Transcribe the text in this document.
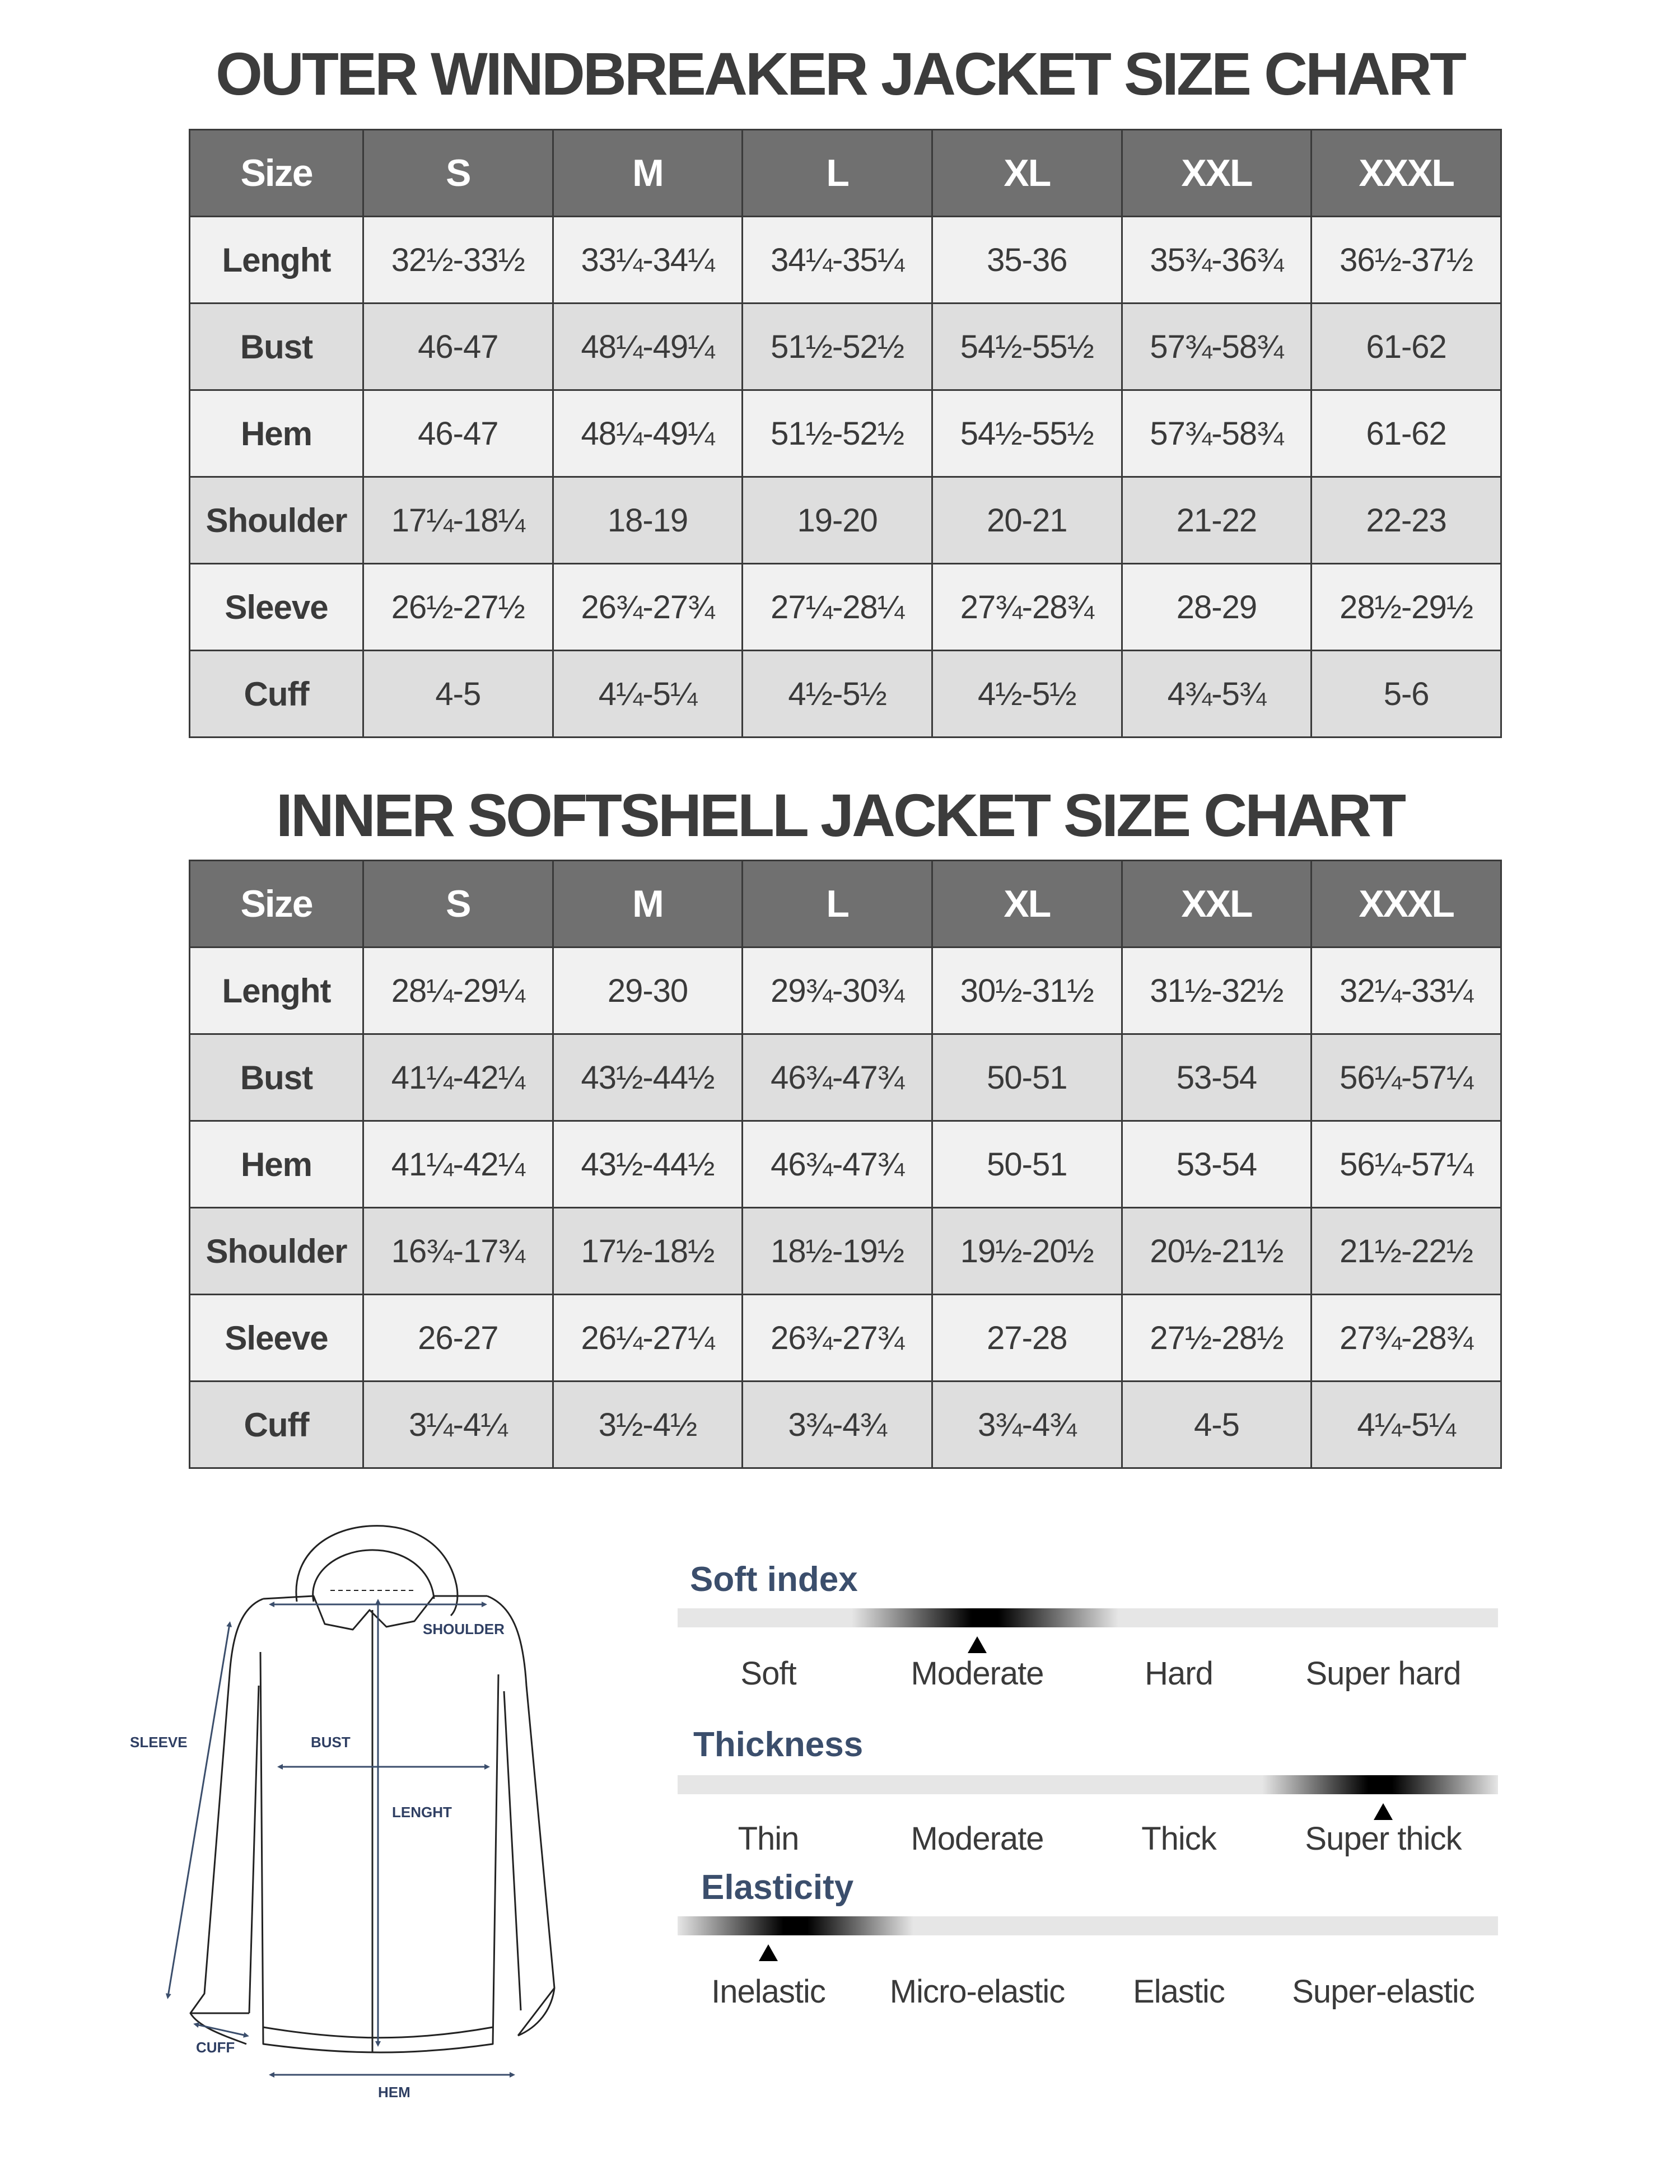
OUTER WINDBREAKER JACKET SIZE CHART
Size	S	M	L	XL	XXL	XXXL
Lenght	32½-33½	33¼-34¼	34¼-35¼	35-36	35¾-36¾	36½-37½
Bust	46-47	48¼-49¼	51½-52½	54½-55½	57¾-58¾	61-62
Hem	46-47	48¼-49¼	51½-52½	54½-55½	57¾-58¾	61-62
Shoulder	17¼-18¼	18-19	19-20	20-21	21-22	22-23
Sleeve	26½-27½	26¾-27¾	27¼-28¼	27¾-28¾	28-29	28½-29½
Cuff	4-5	4¼-5¼	4½-5½	4½-5½	4¾-5¾	5-6
INNER SOFTSHELL JACKET SIZE CHART
Size	S	M	L	XL	XXL	XXXL
Lenght	28¼-29¼	29-30	29¾-30¾	30½-31½	31½-32½	32¼-33¼
Bust	41¼-42¼	43½-44½	46¾-47¾	50-51	53-54	56¼-57¼
Hem	41¼-42¼	43½-44½	46¾-47¾	50-51	53-54	56¼-57¼
Shoulder	16¾-17¾	17½-18½	18½-19½	19½-20½	20½-21½	21½-22½
Sleeve	26-27	26¼-27¼	26¾-27¾	27-28	27½-28½	27¾-28¾
Cuff	3¼-4¼	3½-4½	3¾-4¾	3¾-4¾	4-5	4¼-5¼
SHOULDER
SLEEVE	BUST
LENGHT
CUFF
HEM
Soft index
Soft	Moderate	Hard	Super hard
Thickness
Thin	Moderate	Thick	Super thick
Elasticity
Inelastic	Micro-elastic	Elastic	Super-elastic
